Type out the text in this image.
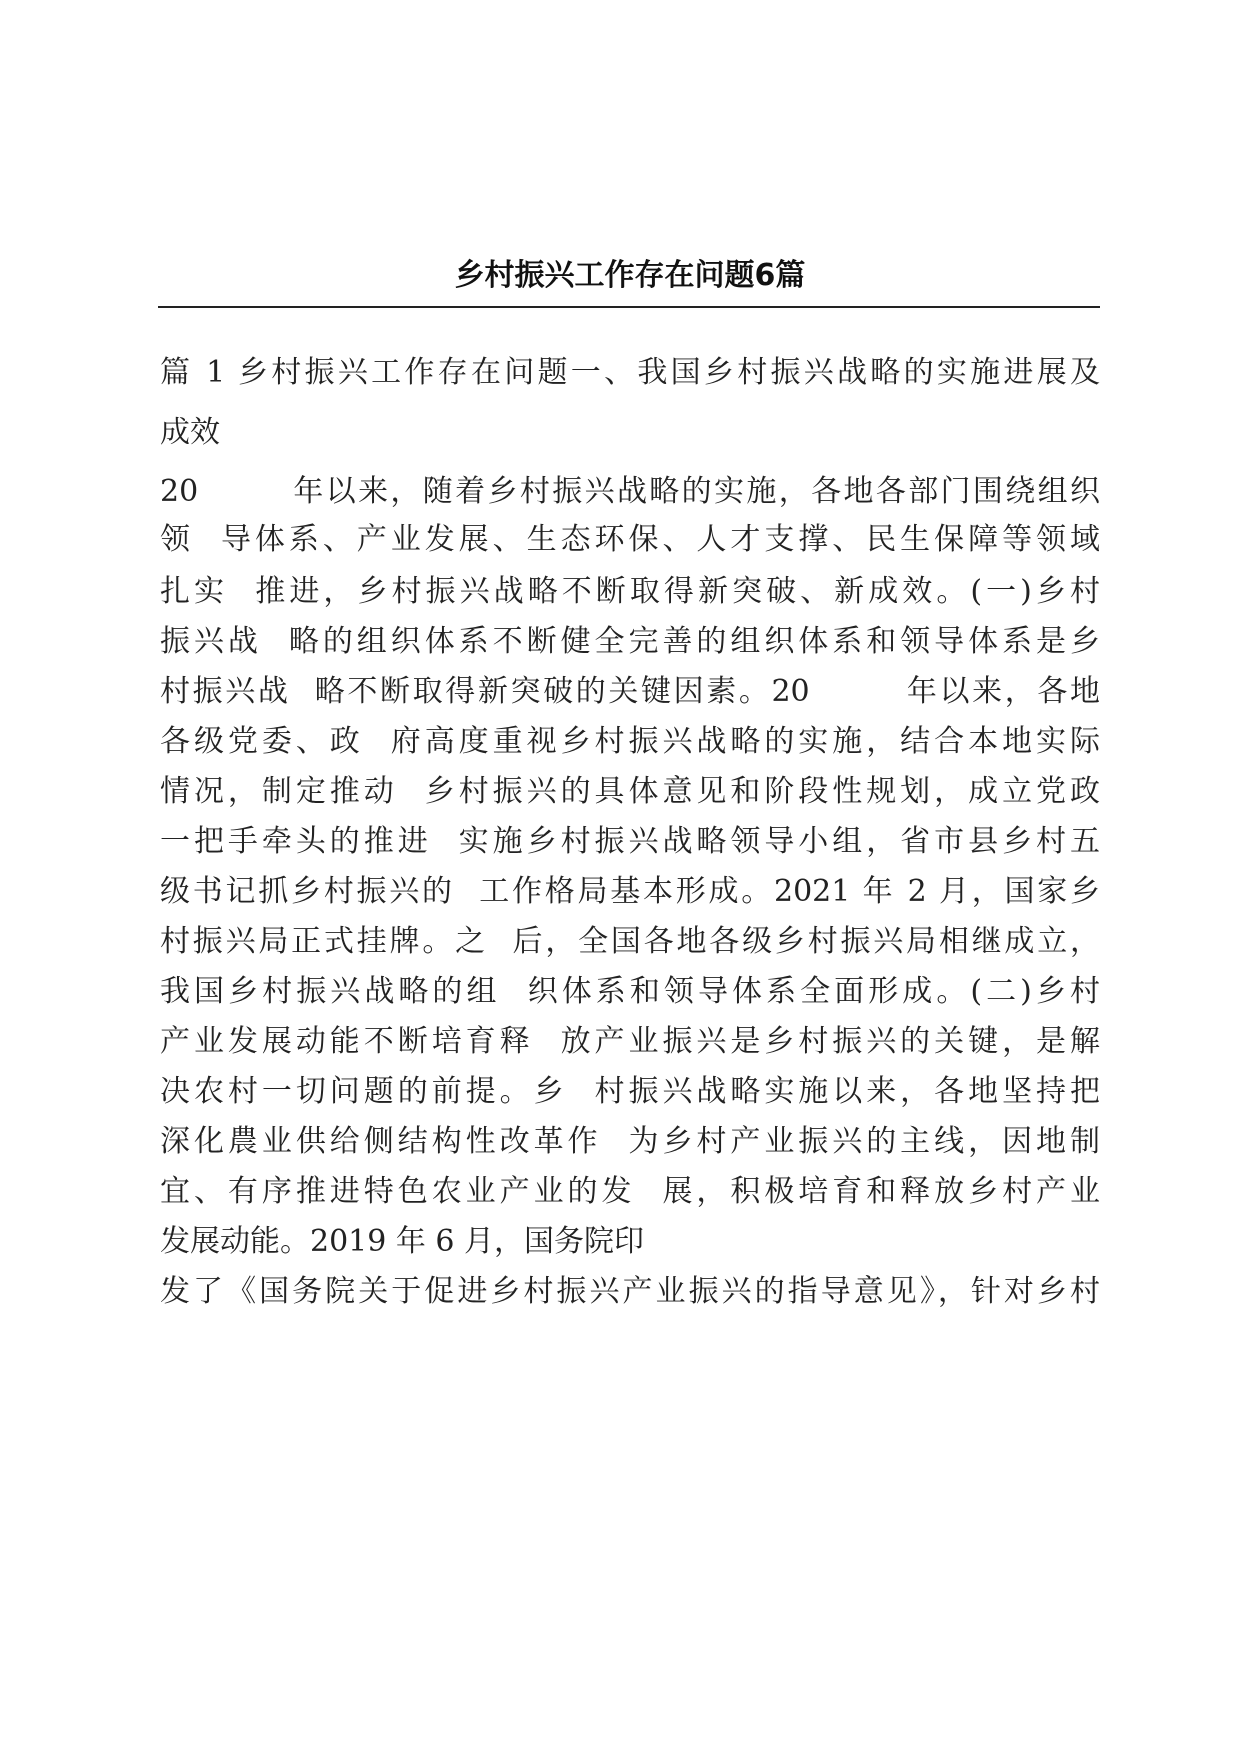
乡村振兴工作存在问题6篇
篇 1 乡村振兴工作存在问题一、我国乡村振兴战略的实施进展及
成效
20        年以来，随着乡村振兴战略的实施，各地各部门围绕组织
领  导体系、产业发展、生态环保、人才支撑、民生保障等领域
扎实  推进，乡村振兴战略不断取得新突破、新成效。(一)乡村
振兴战  略的组织体系不断健全完善的组织体系和领导体系是乡
村振兴战  略不断取得新突破的关键因素。20        年以来，各地
各级党委、政  府高度重视乡村振兴战略的实施，结合本地实际
情况，制定推动  乡村振兴的具体意见和阶段性规划，成立党政
一把手牵头的推进  实施乡村振兴战略领导小组，省市县乡村五
级书记抓乡村振兴的  工作格局基本形成。2021 年 2 月，国家乡
村振兴局正式挂牌。之  后，全国各地各级乡村振兴局相继成立，
我国乡村振兴战略的组  织体系和领导体系全面形成。(二)乡村
产业发展动能不断培育释  放产业振兴是乡村振兴的关键，是解
决农村一切问题的前提。乡  村振兴战略实施以来，各地坚持把
深化農业供给侧结构性改革作  为乡村产业振兴的主线，因地制
宜、有序推进特色农业产业的发  展，积极培育和释放乡村产业
发展动能。2019 年 6 月，国务院印
发了《国务院关于促进乡村振兴产业振兴的指导意见》，针对乡村
